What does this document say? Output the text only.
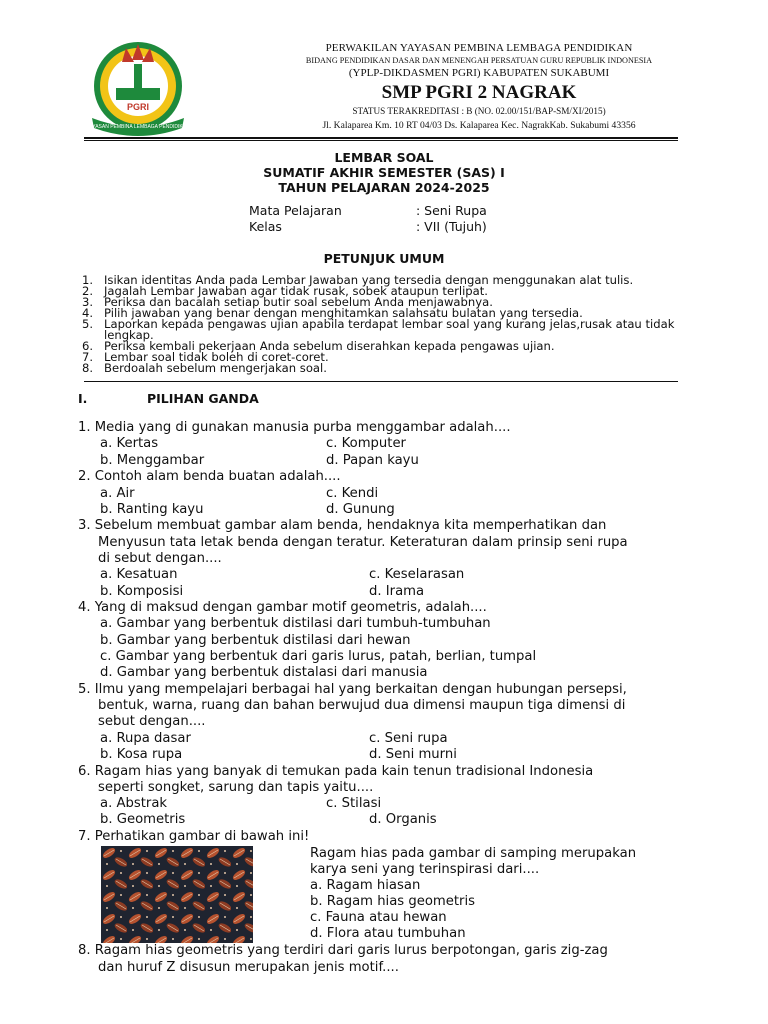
PGRI
YAYASAN PEMBINA LEMBAGA PENDIDIKAN
PERWAKILAN YAYASAN PEMBINA LEMBAGA PENDIDIKAN
BIDANG PENDIDIKAN DASAR DAN MENENGAH PERSATUAN GURU REPUBLIK INDONESIA
(YPLP-DIKDASMEN PGRI) KABUPATEN SUKABUMI
SMP PGRI 2 NAGRAK
STATUS TERAKREDITASI : B (NO. 02.00/151/BAP-SM/XI/2015)
Jl. Kalaparea Km. 10 RT 04/03 Ds. Kalaparea Kec. NagrakKab. Sukabumi 43356
LEMBAR SOAL
SUMATIF AKHIR SEMESTER (SAS) I
TAHUN PELAJARAN 2024-2025
Mata Pelajaran	: Seni Rupa
Kelas	: VII (Tujuh)
PETUNJUK UMUM
1. Isikan identitas Anda pada Lembar Jawaban yang tersedia dengan menggunakan alat tulis.
2. Jagalah Lembar Jawaban agar tidak rusak, sobek ataupun terlipat.
3. Periksa dan bacalah setiap butir soal sebelum Anda menjawabnya.
4. Pilih jawaban yang benar dengan menghitamkan salahsatu bulatan yang tersedia.
5. Laporkan kepada pengawas ujian apabila terdapat lembar soal yang kurang jelas,rusak atau tidak lengkap.
6. Periksa kembali pekerjaan Anda sebelum diserahkan kepada pengawas ujian.
7. Lembar soal tidak boleh di coret-coret.
8. Berdoalah sebelum mengerjakan soal.
I.	PILIHAN GANDA
1. Media yang di gunakan manusia purba menggambar adalah....
a. Kertas	c. Komputer
b. Menggambar	d. Papan kayu
2. Contoh alam benda buatan adalah....
a. Air	c. Kendi
b. Ranting kayu	d. Gunung
3. Sebelum membuat gambar alam benda, hendaknya kita memperhatikan dan
Menyusun tata letak benda dengan teratur. Keteraturan dalam prinsip seni rupa
di sebut dengan....
a. Kesatuan	c. Keselarasan
b. Komposisi	d. Irama
4. Yang di maksud dengan gambar motif geometris, adalah....
a. Gambar yang berbentuk distilasi dari tumbuh-tumbuhan
b. Gambar yang berbentuk distilasi dari hewan
c. Gambar yang berbentuk dari garis lurus, patah, berlian, tumpal
d. Gambar yang berbentuk distalasi dari manusia
5. Ilmu yang mempelajari berbagai hal yang berkaitan dengan hubungan persepsi,
bentuk, warna, ruang dan bahan berwujud dua dimensi maupun tiga dimensi di
sebut dengan....
a. Rupa dasar	c. Seni rupa
b. Kosa rupa	d. Seni murni
6. Ragam hias yang banyak di temukan pada kain tenun tradisional Indonesia
seperti songket, sarung dan tapis yaitu....
a. Abstrak	c. Stilasi
b. Geometris	d. Organis
7. Perhatikan gambar di bawah ini!
Ragam hias pada gambar di samping merupakan
karya seni yang terinspirasi dari....
a. Ragam hiasan
b. Ragam hias geometris
c. Fauna atau hewan
d. Flora atau tumbuhan
8. Ragam hias geometris yang terdiri dari garis lurus berpotongan, garis zig-zag
dan huruf Z disusun merupakan jenis motif....
